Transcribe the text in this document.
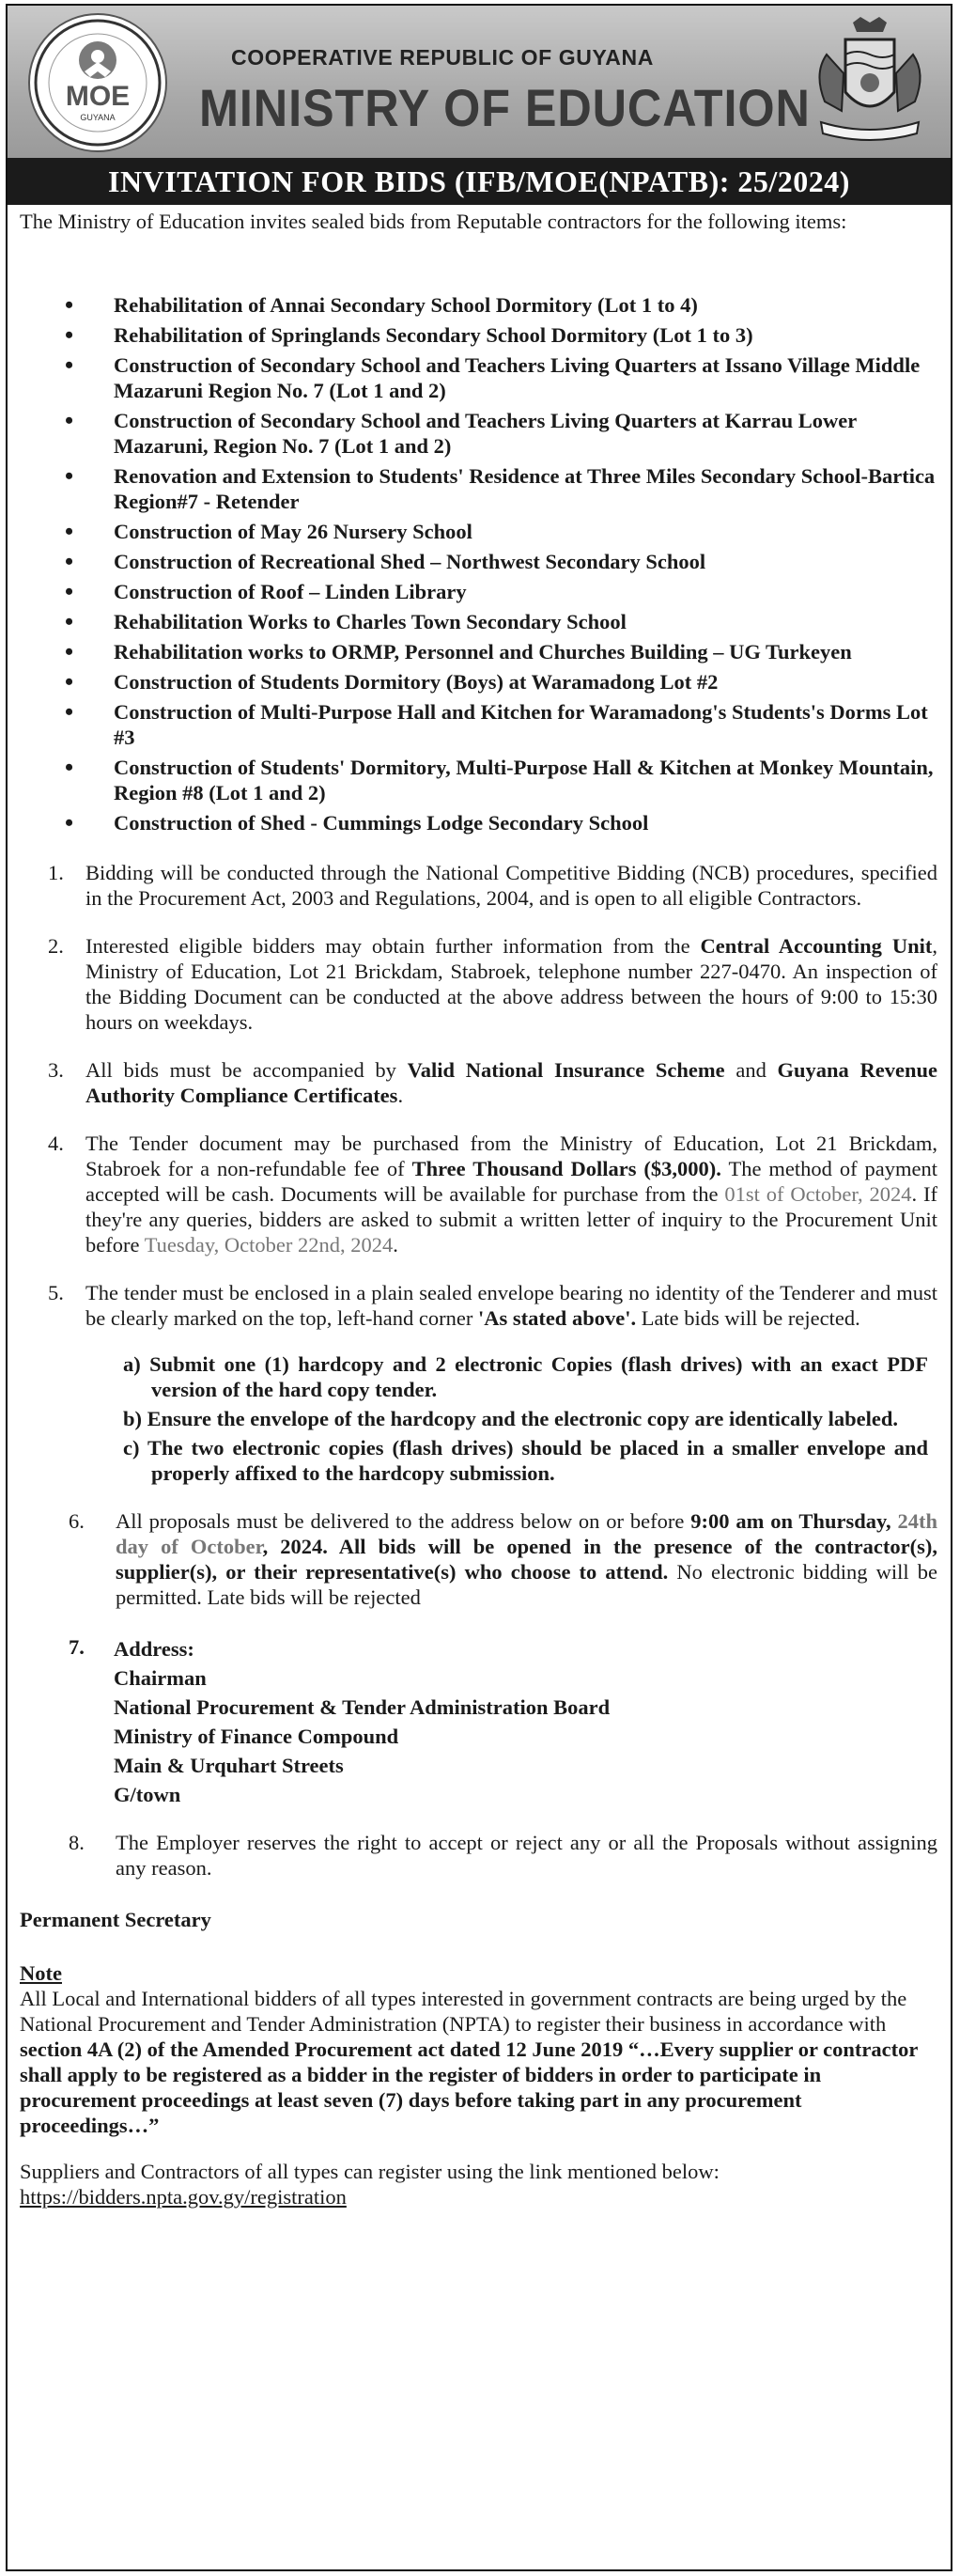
MOE
GUYANA
COOPERATIVE REPUBLIC OF GUYANA
MINISTRY OF EDUCATION
INVITATION FOR BIDS (IFB/MOE(NPATB): 25/2024)

The Ministry of Education invites sealed bids from Reputable contractors for the following items:

• Rehabilitation of Annai Secondary School Dormitory (Lot 1 to 4)
• Rehabilitation of Springlands Secondary School Dormitory (Lot 1 to 3)
• Construction of Secondary School and Teachers Living Quarters at Issano Village Middle Mazaruni Region No. 7 (Lot 1 and 2)
• Construction of Secondary School and Teachers Living Quarters at Karrau Lower Mazaruni, Region No. 7 (Lot 1 and 2)
• Renovation and Extension to Students' Residence at Three Miles Secondary School-Bartica Region#7 - Retender
• Construction of May 26 Nursery School
• Construction of Recreational Shed – Northwest Secondary School
• Construction of Roof – Linden Library
• Rehabilitation Works to Charles Town Secondary School
• Rehabilitation works to ORMP, Personnel and Churches Building – UG Turkeyen
• Construction of Students Dormitory (Boys) at Waramadong Lot #2
• Construction of Multi-Purpose Hall and Kitchen for Waramadong's Students's Dorms Lot #3
• Construction of Students' Dormitory, Multi-Purpose Hall & Kitchen at Monkey Mountain, Region #8 (Lot 1 and 2)
• Construction of Shed - Cummings Lodge Secondary School
1. Bidding will be conducted through the National Competitive Bidding (NCB) procedures, specified in the Procurement Act, 2003 and Regulations, 2004, and is open to all eligible Contractors.
2. Interested eligible bidders may obtain further information from the Central Accounting Unit, Ministry of Education, Lot 21 Brickdam, Stabroek, telephone number 227-0470. An inspection of the Bidding Document can be conducted at the above address between the hours of 9:00 to 15:30 hours on weekdays.
3. All bids must be accompanied by Valid National Insurance Scheme and Guyana Revenue Authority Compliance Certificates.
4. The Tender document may be purchased from the Ministry of Education, Lot 21 Brickdam, Stabroek for a non-refundable fee of Three Thousand Dollars ($3,000). The method of payment accepted will be cash. Documents will be available for purchase from the 01st of October, 2024. If they're any queries, bidders are asked to submit a written letter of inquiry to the Procurement Unit before Tuesday, October 22nd, 2024.
5. The tender must be enclosed in a plain sealed envelope bearing no identity of the Tenderer and must be clearly marked on the top, left-hand corner 'As stated above'. Late bids will be rejected.

a) Submit one (1) hardcopy and 2 electronic Copies (flash drives) with an exact PDF version of the hard copy tender.

b) Ensure the envelope of the hardcopy and the electronic copy are identically labeled.

c) The two electronic copies (flash drives) should be placed in a smaller envelope and properly affixed to the hardcopy submission.

6. All proposals must be delivered to the address below on or before 9:00 am on Thursday, 24th day of October, 2024. All bids will be opened in the presence of the contractor(s), supplier(s), or their representative(s) who choose to attend. No electronic bidding will be permitted. Late bids will be rejected
7. Address:
Chairman
National Procurement & Tender Administration Board
Ministry of Finance Compound
Main & Urquhart Streets
G/town
8. The Employer reserves the right to accept or reject any or all the Proposals without assigning any reason.
Permanent Secretary
Note

All Local and International bidders of all types interested in government contracts are being urged by the National Procurement and Tender Administration (NPTA) to register their business in accordance with section 4A (2) of the Amended Procurement act dated 12 June 2019 “…Every supplier or contractor shall apply to be registered as a bidder in the register of bidders in order to participate in procurement proceedings at least seven (7) days before taking part in any procurement proceedings…”

Suppliers and Contractors of all types can register using the link mentioned below:
https://bidders.npta.gov.gy/registration
